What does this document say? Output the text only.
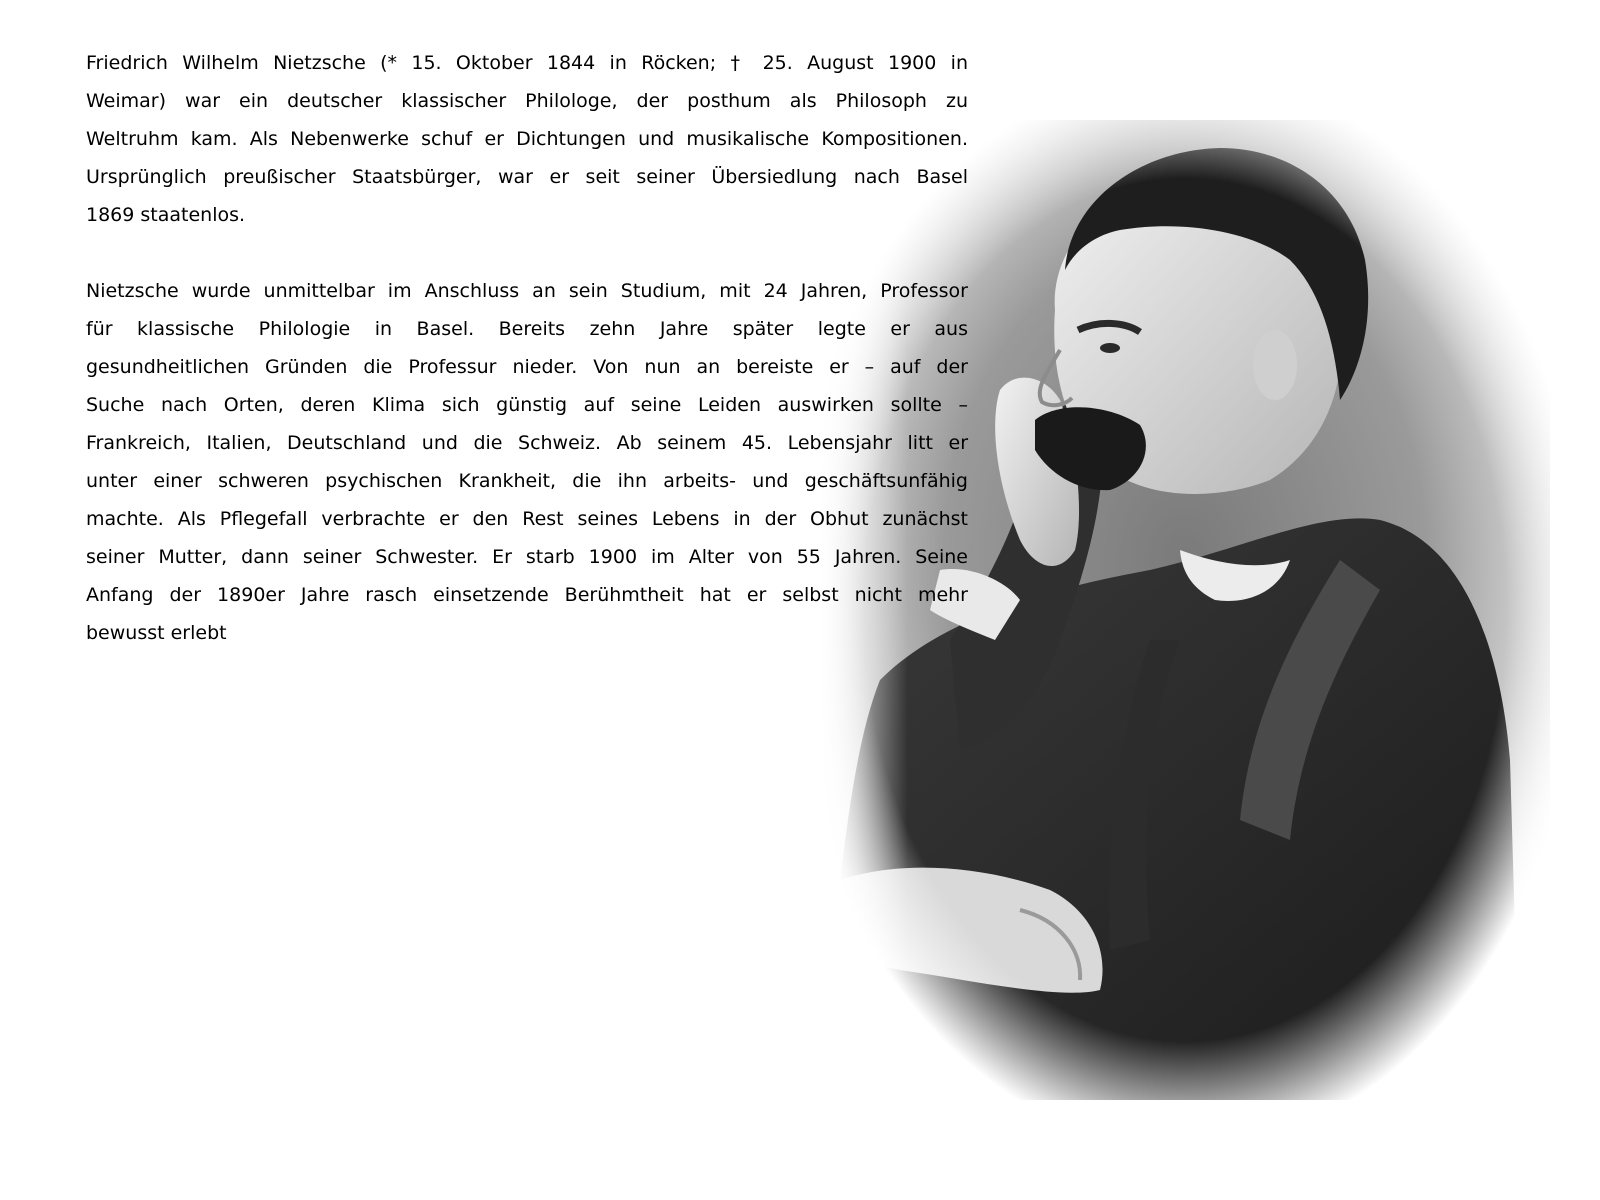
Friedrich Wilhelm Nietzsche (* 15. Oktober 1844 in Röcken; † 25. August 1900 in
Weimar) war ein deutscher klassischer Philologe, der posthum als Philosoph zu
Weltruhm kam. Als Nebenwerke schuf er Dichtungen und musikalische Kompositionen.
Ursprünglich preußischer Staatsbürger, war er seit seiner Übersiedlung nach Basel
1869 staatenlos.

Nietzsche wurde unmittelbar im Anschluss an sein Studium, mit 24 Jahren, Professor
für klassische Philologie in Basel. Bereits zehn Jahre später legte er aus
gesundheitlichen Gründen die Professur nieder. Von nun an bereiste er – auf der
Suche nach Orten, deren Klima sich günstig auf seine Leiden auswirken sollte –
Frankreich, Italien, Deutschland und die Schweiz. Ab seinem 45. Lebensjahr litt er
unter einer schweren psychischen Krankheit, die ihn arbeits- und geschäftsunfähig
machte. Als Pflegefall verbrachte er den Rest seines Lebens in der Obhut zunächst
seiner Mutter, dann seiner Schwester. Er starb 1900 im Alter von 55 Jahren. Seine
Anfang der 1890er Jahre rasch einsetzende Berühmtheit hat er selbst nicht mehr
bewusst erlebt
